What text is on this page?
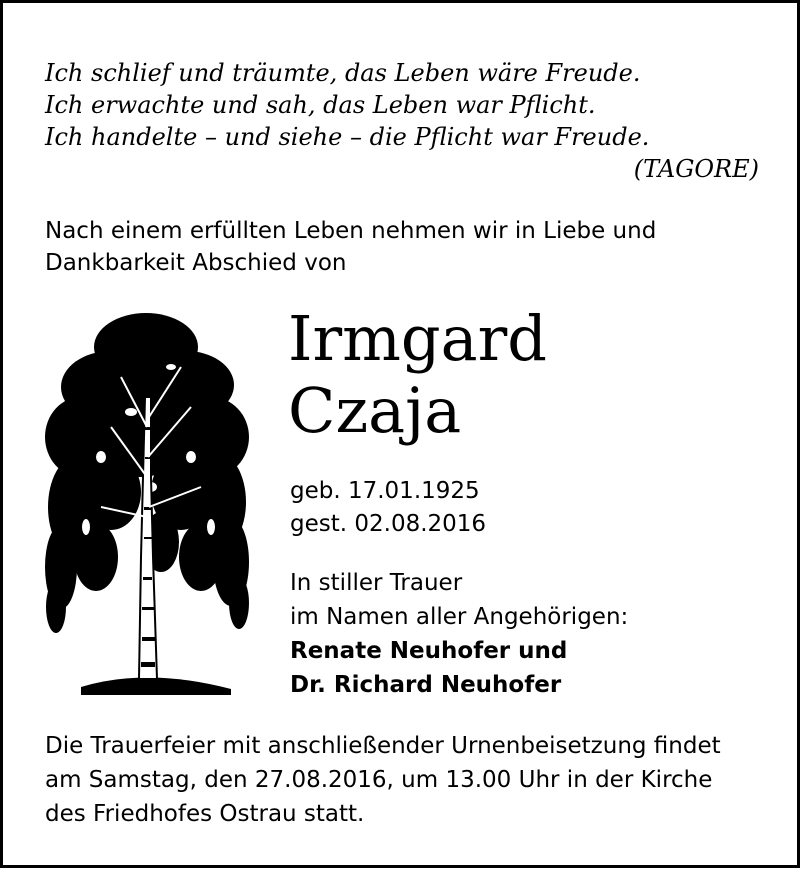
Ich schlief und träumte, das Leben wäre Freude.
Ich erwachte und sah, das Leben war Pflicht.
Ich handelte – und siehe – die Pflicht war Freude.
(TAGORE)
Nach einem erfüllten Leben nehmen wir in Liebe und
Dankbarkeit Abschied von
Irmgard
Czaja
geb. 17.01.1925
gest. 02.08.2016
In stiller Trauer
im Namen aller Angehörigen:
Renate Neuhofer und
Dr. Richard Neuhofer
Die Trauerfeier mit anschließender Urnenbeisetzung findet
am Samstag, den 27.08.2016, um 13.00 Uhr in der Kirche
des Friedhofes Ostrau statt.
